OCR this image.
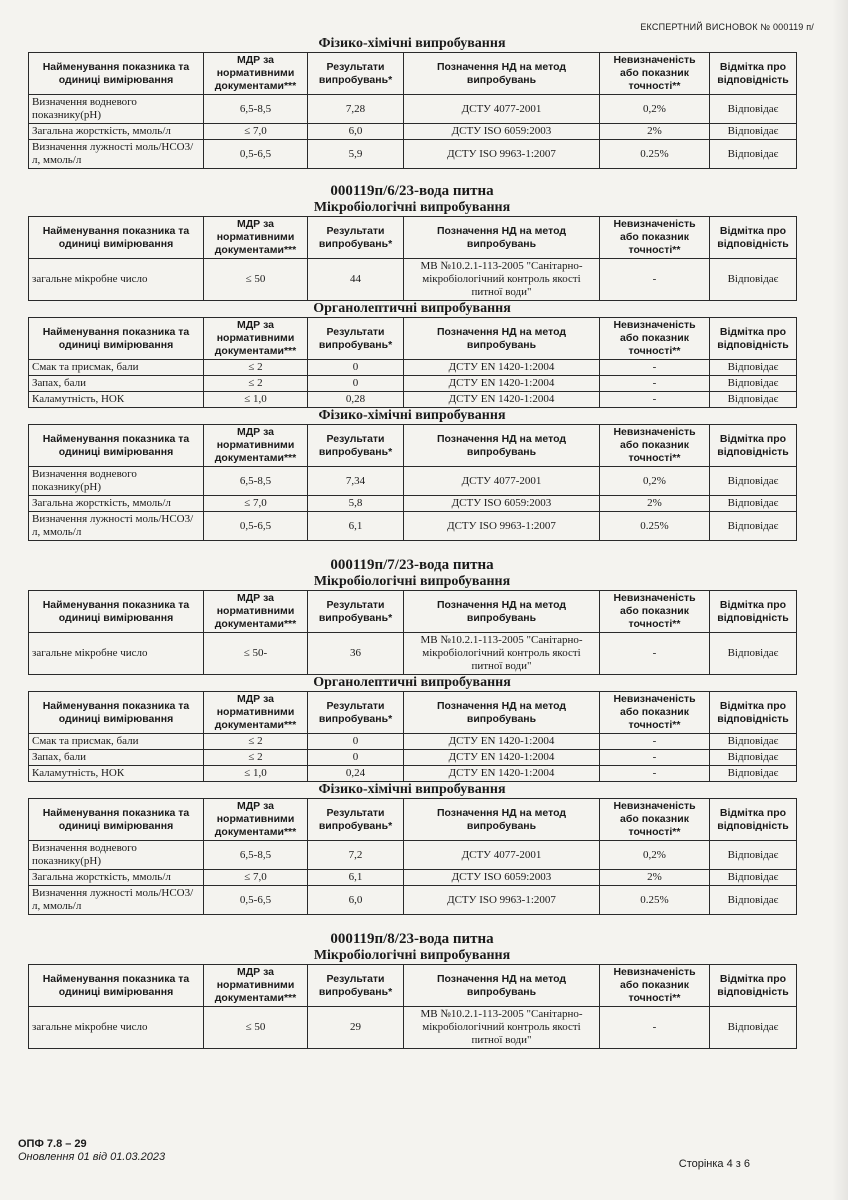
ЕКСПЕРТНИЙ ВИСНОВОК № 000119 п/
Фізико-хімічні випробування
Найменування показника та одиниці вимірювання	МДР за нормативними документами***	Результати випробувань*	Позначення НД на метод випробувань	Невизначеність або показник точності**	Відмітка про відповідність
Визначення водневого показнику(pH)	6,5-8,5	7,28	ДСТУ 4077-2001	0,2%	Відповідає
Загальна жорсткість, ммоль/л	≤ 7,0	6,0	ДСТУ ISO 6059:2003	2%	Відповідає
Визначення лужності моль/НСО3/л, ммоль/л	0,5-6,5	5,9	ДСТУ ISO 9963-1:2007	0.25%	Відповідає
000119п/6/23-вода питна
Мікробіологічні випробування
Найменування показника та одиниці вимірювання	МДР за нормативними документами***	Результати випробувань*	Позначення НД на метод випробувань	Невизначеність або показник точності**	Відмітка про відповідність
загальне мікробне число	≤ 50	44	МВ №10.2.1-113-2005 "Санітарно-мікробіологічний контроль якості питної води"	-	Відповідає
Органолептичні випробування
Найменування показника та одиниці вимірювання	МДР за нормативними документами***	Результати випробувань*	Позначення НД на метод випробувань	Невизначеність або показник точності**	Відмітка про відповідність
Смак та присмак, бали	≤ 2	0	ДСТУ EN 1420-1:2004	-	Відповідає
Запах, бали	≤ 2	0	ДСТУ EN 1420-1:2004	-	Відповідає
Каламутність, НОК	≤ 1,0	0,28	ДСТУ EN 1420-1:2004	-	Відповідає
Фізико-хімічні випробування
Найменування показника та одиниці вимірювання	МДР за нормативними документами***	Результати випробувань*	Позначення НД на метод випробувань	Невизначеність або показник точності**	Відмітка про відповідність
Визначення водневого показнику(pH)	6,5-8,5	7,34	ДСТУ 4077-2001	0,2%	Відповідає
Загальна жорсткість, ммоль/л	≤ 7,0	5,8	ДСТУ ISO 6059:2003	2%	Відповідає
Визначення лужності моль/НСО3/л, ммоль/л	0,5-6,5	6,1	ДСТУ ISO 9963-1:2007	0.25%	Відповідає
000119п/7/23-вода питна
Мікробіологічні випробування
Найменування показника та одиниці вимірювання	МДР за нормативними документами***	Результати випробувань*	Позначення НД на метод випробувань	Невизначеність або показник точності**	Відмітка про відповідність
загальне мікробне число	≤ 50-	36	МВ №10.2.1-113-2005 "Санітарно-мікробіологічний контроль якості питної води"	-	Відповідає
Органолептичні випробування
Найменування показника та одиниці вимірювання	МДР за нормативними документами***	Результати випробувань*	Позначення НД на метод випробувань	Невизначеність або показник точності**	Відмітка про відповідність
Смак та присмак, бали	≤ 2	0	ДСТУ EN 1420-1:2004	-	Відповідає
Запах, бали	≤ 2	0	ДСТУ EN 1420-1:2004	-	Відповідає
Каламутність, НОК	≤ 1,0	0,24	ДСТУ EN 1420-1:2004	-	Відповідає
Фізико-хімічні випробування
Найменування показника та одиниці вимірювання	МДР за нормативними документами***	Результати випробувань*	Позначення НД на метод випробувань	Невизначеність або показник точності**	Відмітка про відповідність
Визначення водневого показнику(pH)	6,5-8,5	7,2	ДСТУ 4077-2001	0,2%	Відповідає
Загальна жорсткість, ммоль/л	≤ 7,0	6,1	ДСТУ ISO 6059:2003	2%	Відповідає
Визначення лужності моль/НСО3/л, ммоль/л	0,5-6,5	6,0	ДСТУ ISO 9963-1:2007	0.25%	Відповідає
000119п/8/23-вода питна
Мікробіологічні випробування
Найменування показника та одиниці вимірювання	МДР за нормативними документами***	Результати випробувань*	Позначення НД на метод випробувань	Невизначеність або показник точності**	Відмітка про відповідність
загальне мікробне число	≤ 50	29	МВ №10.2.1-113-2005 "Санітарно-мікробіологічний контроль якості питної води"	-	Відповідає
ОПФ 7.8 – 29
Оновлення 01 від 01.03.2023
Сторінка 4 з 6
